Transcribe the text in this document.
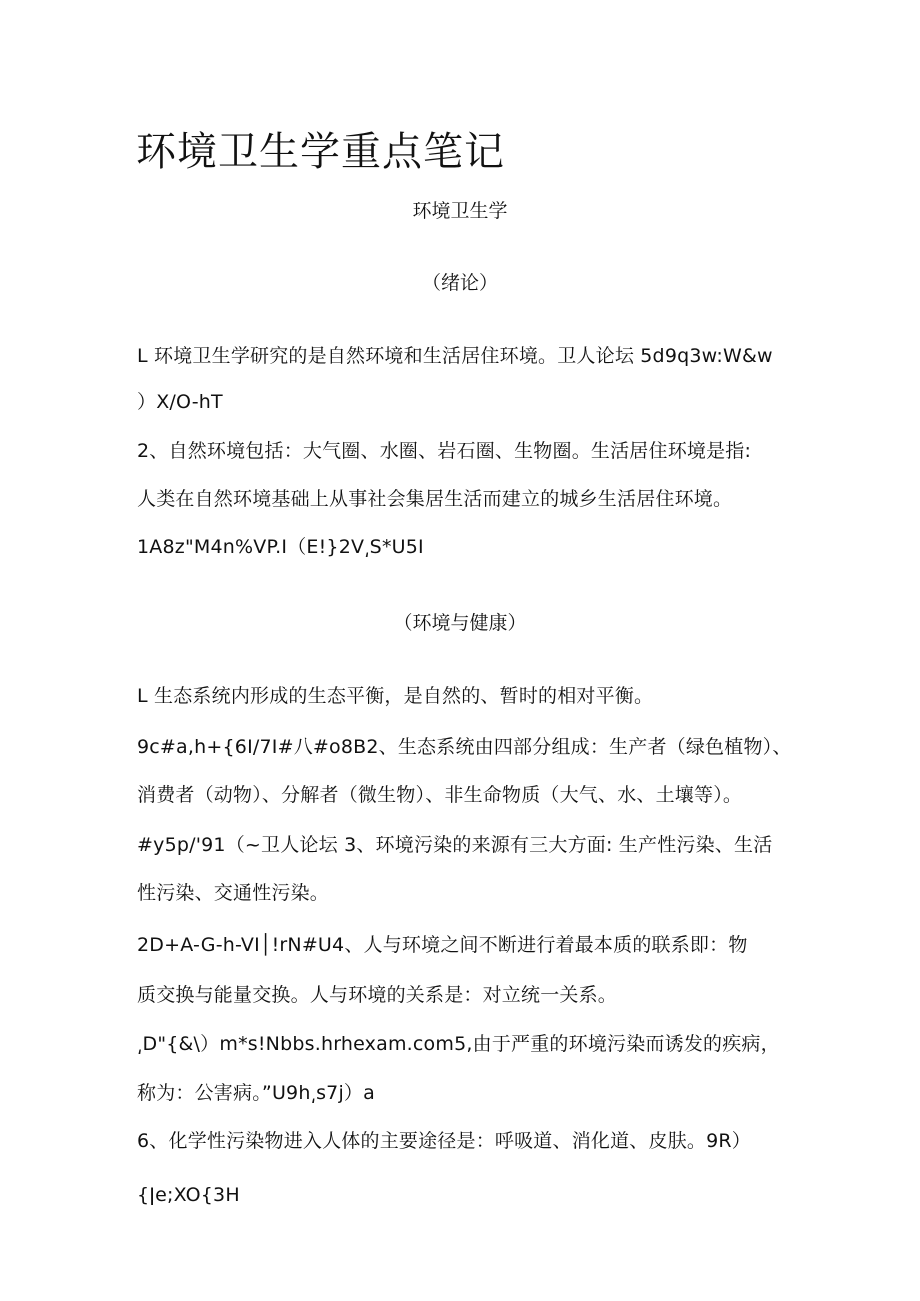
环境卫生学重点笔记

环境卫生学

（绪论）

L 环境卫生学研究的是自然环境和生活居住环境。卫人论坛 5d9q3w:W&w

）X/O-hT

2、自然环境包括：大气圈、水圈、岩石圈、生物圈。生活居住环境是指:

人类在自然环境基础上从事社会集居生活而建立的城乡生活居住环境。

1A8z"M4n%VP.I（E!}2V͵S*U5I

（环境与健康）

L 生态系统内形成的生态平衡，是自然的、暂时的相对平衡。

9c#a,h+{6I/7I#八#o8B2、生态系统由四部分组成：生产者（绿色植物）、

消费者（动物）、分解者（微生物）、非生命物质（大气、水、土壤等）。

#y5p/'91（~卫人论坛 3、环境污染的来源有三大方面: 生产性污染、生活

性污染、交通性污染。

2D+A-G-h-VI│!rN#U4、人与环境之间不断进行着最本质的联系即：物

质交换与能量交换。人与环境的关系是：对立统一关系。

͵D"{&\）m*s!Nbbs.hrhexam.com5,由于严重的环境污染而诱发的疾病，

称为：公害病。”U9h͵s7j）a

6、化学性污染物进入人体的主要途径是：呼吸道、消化道、皮肤。9R）

{ǀe;XO{3H
